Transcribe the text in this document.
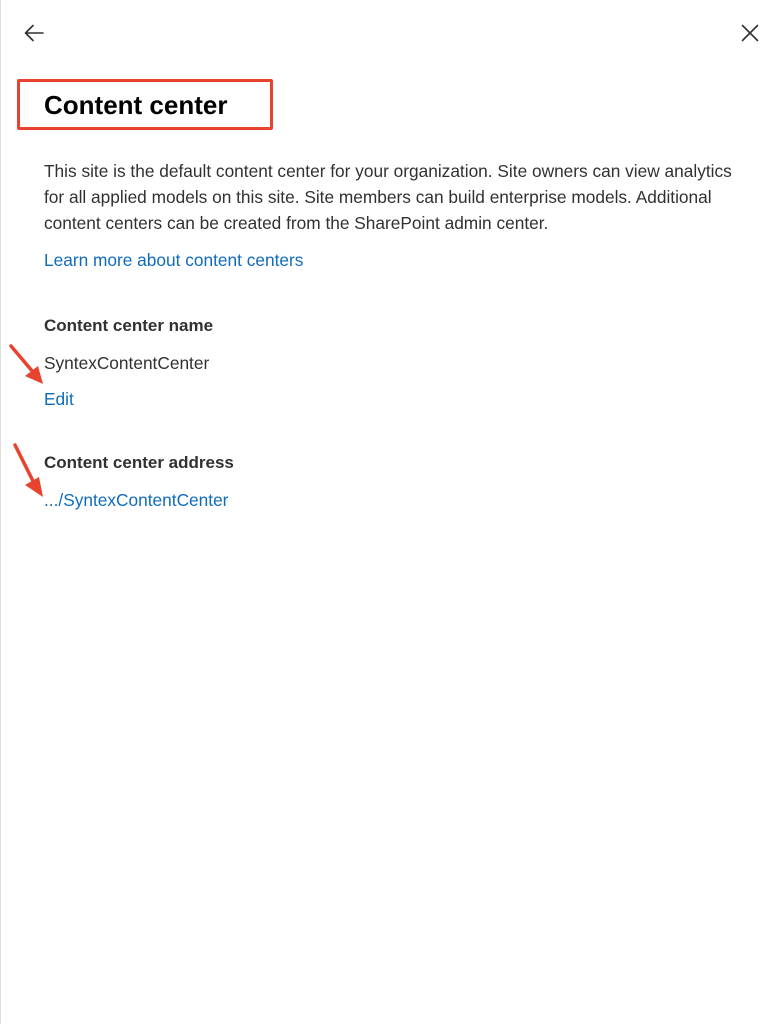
Content center

This site is the default content center for your organization. Site owners can view analytics for all applied models on this site. Site members can build enterprise models. Additional content centers can be created from the SharePoint admin center.

Learn more about content centers
Content center name
SyntexContentCenter
Edit
Content center address
.../SyntexContentCenter
